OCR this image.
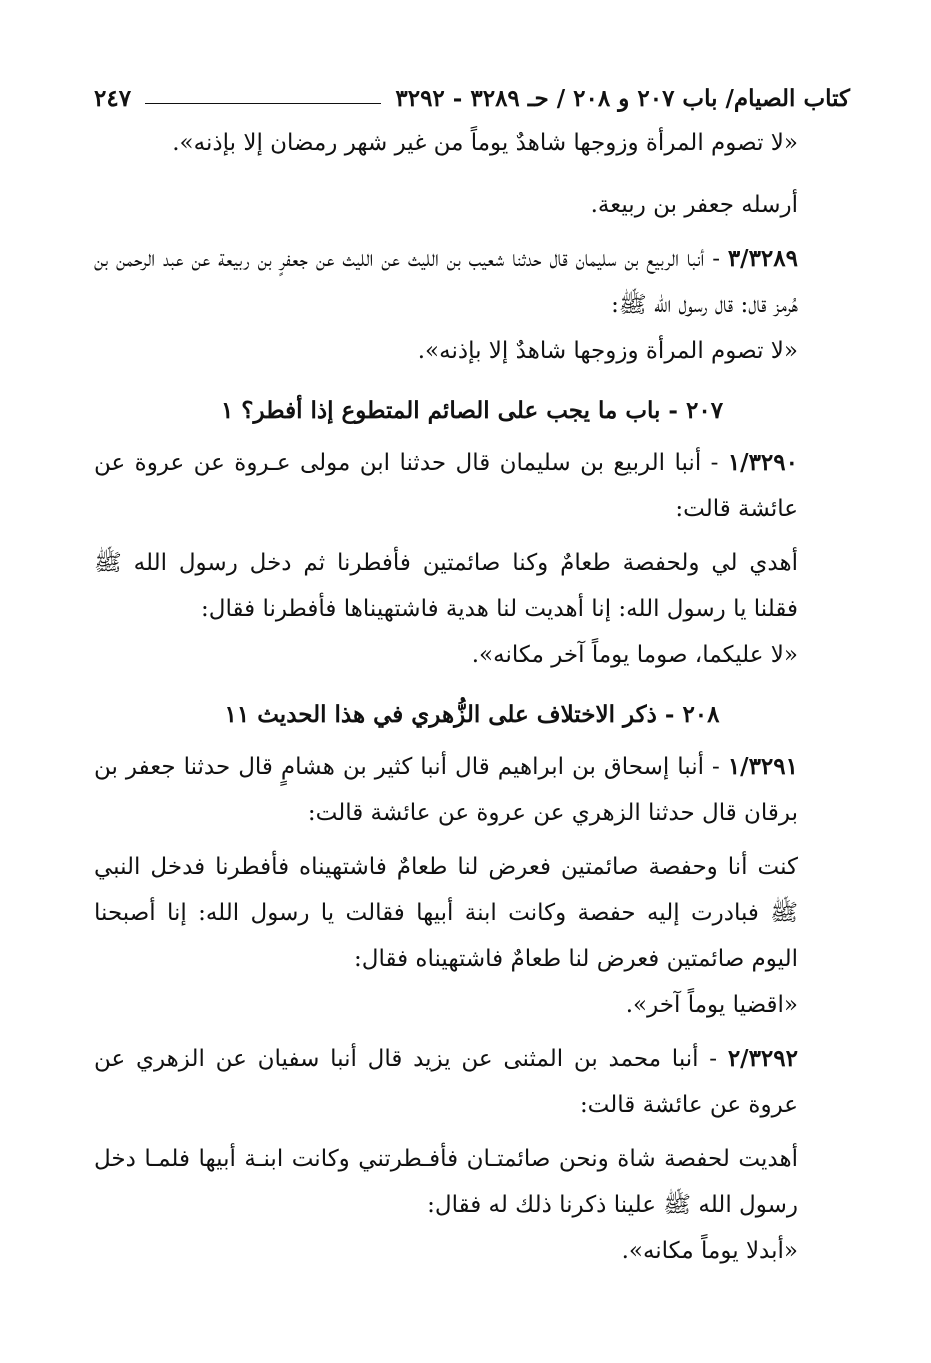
كتاب الصيام/ باب ٢٠٧ و ٢٠٨ / حـ ٣٢٨٩ - ٣٢٩٢
٢٤٧

«لا تصوم المرأة وزوجها شاهدٌ يوماً من غير شهر رمضان إلا بإذنه».

أرسله جعفر بن ربيعة.

٣/٣٢٨٩ - أنبا الربيع بن سليمان قال حدثنا شعيب بن الليث عن الليث عن جعفرٍ بن ربيعة عن عبد الرحمن بن هُرمز قال: قال رسول الله ﷺ:

«لا تصوم المرأة وزوجها شاهدٌ إلا بإذنه».

٢٠٧ - باب ما يجب على الصائم المتطوع إذا أفطر؟ ١

١/٣٢٩٠ - أنبا الربيع بن سليمان قال حدثنا ابن مولى عـروة عن عروة عن عائشة قالت:

أهدي لي ولحفصة طعامٌ وكنا صائمتين فأفطرنا ثم دخل رسول الله ﷺ فقلنا يا رسول الله: إنا أهديت لنا هدية فاشتهيناها فأفطرنا فقال:

«لا عليكما، صوما يوماً آخر مكانه».

٢٠٨ - ذكر الاختلاف على الزُّهري في هذا الحديث ١١

١/٣٢٩١ - أنبا إسحاق بن ابراهيم قال أنبا كثير بن هشامٍ قال حدثنا جعفر بن برقان قال حدثنا الزهري عن عروة عن عائشة قالت:

كنت أنا وحفصة صائمتين فعرض لنا طعامٌ فاشتهيناه فأفطرنا فدخل النبي ﷺ فبادرت إليه حفصة وكانت ابنة أبيها فقالت يا رسول الله: إنا أصبحنا اليوم صائمتين فعرض لنا طعامٌ فاشتهيناه فقال:

«اقضيا يوماً آخر».

٢/٣٢٩٢ - أنبا محمد بن المثنى عن يزيد قال أنبا سفيان عن الزهري عن عروة عن عائشة قالت:

أهديت لحفصة شاة ونحن صائمتـان فأفـطرتني وكانت ابنـة أبيها فلمـا دخل رسول الله ﷺ علينا ذكرنا ذلك له فقال:

«أبدلا يوماً مكانه».
